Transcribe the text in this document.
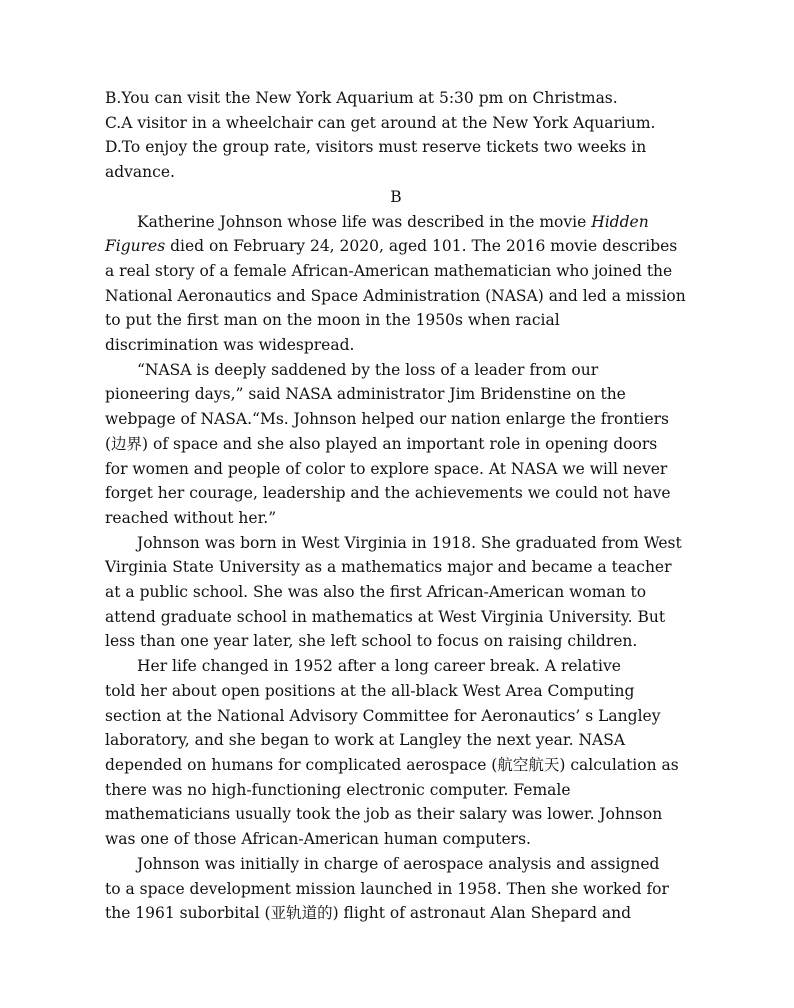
B.You can visit the New York Aquarium at 5:30 pm on Christmas.

C.A visitor in a wheelchair can get around at the New York Aquarium.

D.To enjoy the group rate, visitors must reserve tickets two weeks in

advance.

B

Katherine Johnson whose life was described in the movie Hidden

Figures died on February 24, 2020, aged 101. The 2016 movie describes

a real story of a female African-American mathematician who joined the

National Aeronautics and Space Administration (NASA) and led a mission

to put the first man on the moon in the 1950s when racial

discrimination was widespread.

“NASA is deeply saddened by the loss of a leader from our

pioneering days,” said NASA administrator Jim Bridenstine on the

webpage of NASA.“Ms. Johnson helped our nation enlarge the frontiers

(边界) of space and she also played an important role in opening doors

for women and people of color to explore space. At NASA we will never

forget her courage, leadership and the achievements we could not have

reached without her.”

Johnson was born in West Virginia in 1918. She graduated from West

Virginia State University as a mathematics major and became a teacher

at a public school. She was also the first African-American woman to

attend graduate school in mathematics at West Virginia University. But

less than one year later, she left school to focus on raising children.

Her life changed in 1952 after a long career break. A relative

told her about open positions at the all-black West Area Computing

section at the National Advisory Committee for Aeronautics’ s Langley

laboratory, and she began to work at Langley the next year. NASA

depended on humans for complicated aerospace (航空航天) calculation as

there was no high-functioning electronic computer. Female

mathematicians usually took the job as their salary was lower. Johnson

was one of those African-American human computers.

Johnson was initially in charge of aerospace analysis and assigned

to a space development mission launched in 1958. Then she worked for

the 1961 suborbital (亚轨道的) flight of astronaut Alan Shepard and
